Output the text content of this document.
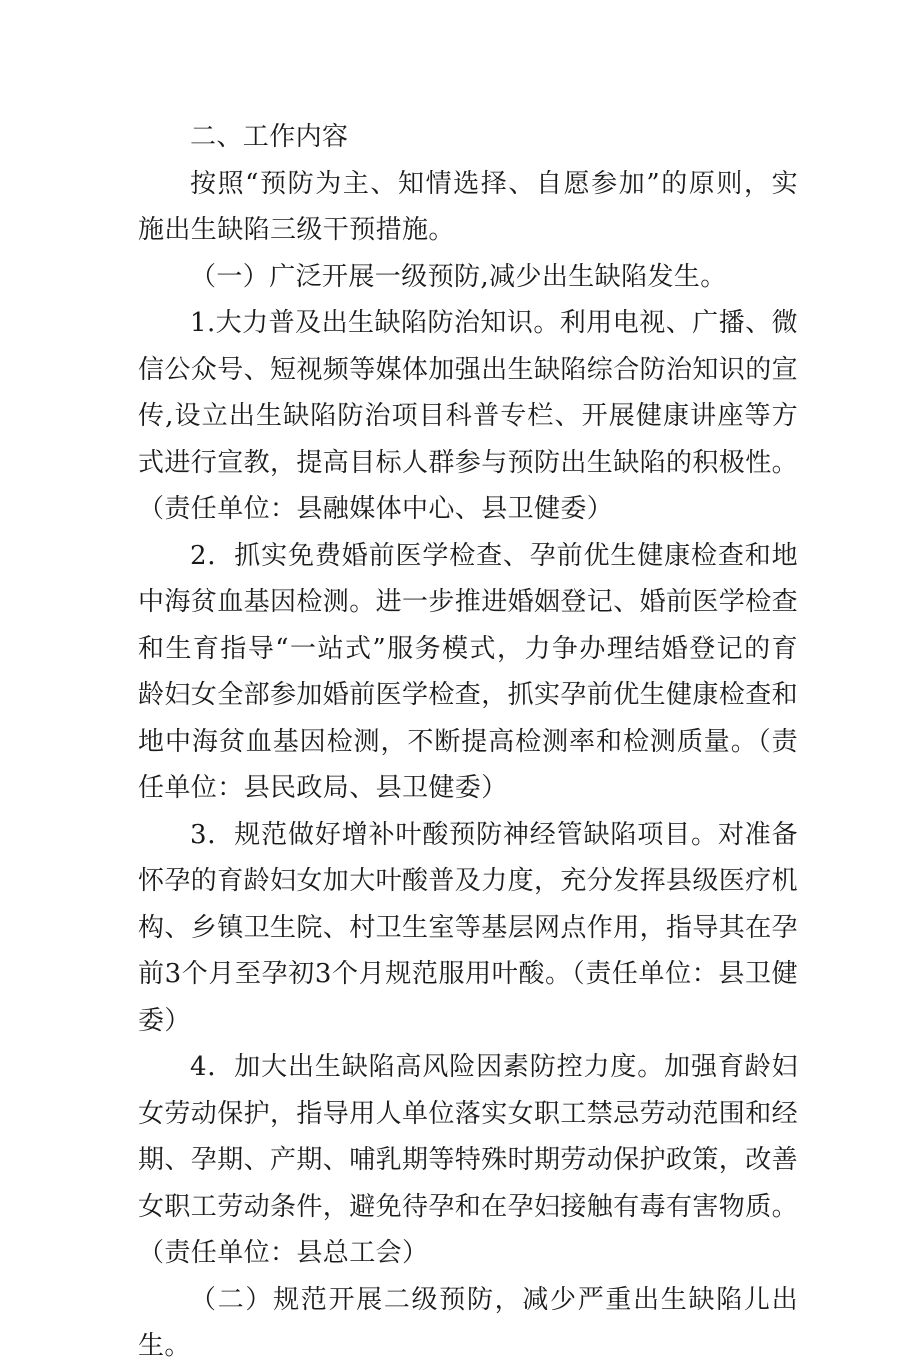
二、工作内容

按照“预防为主、知情选择、自愿参加”的原则，实施出生缺陷三级干预措施。

（一）广泛开展一级预防,减少出生缺陷发生。

1.大力普及出生缺陷防治知识。利用电视、广播、微信公众号、短视频等媒体加强出生缺陷综合防治知识的宣传,设立出生缺陷防治项目科普专栏、开展健康讲座等方式进行宣教，提高目标人群参与预防出生缺陷的积极性。（责任单位：县融媒体中心、县卫健委）

2．抓实免费婚前医学检查、孕前优生健康检查和地中海贫血基因检测。进一步推进婚姻登记、婚前医学检查和生育指导“一站式”服务模式，力争办理结婚登记的育龄妇女全部参加婚前医学检查，抓实孕前优生健康检查和地中海贫血基因检测，不断提高检测率和检测质量。（责任单位：县民政局、县卫健委）

3．规范做好增补叶酸预防神经管缺陷项目。对准备怀孕的育龄妇女加大叶酸普及力度，充分发挥县级医疗机构、乡镇卫生院、村卫生室等基层网点作用，指导其在孕前3个月至孕初3个月规范服用叶酸。（责任单位：县卫健委）

4．加大出生缺陷高风险因素防控力度。加强育龄妇女劳动保护，指导用人单位落实女职工禁忌劳动范围和经期、孕期、产期、哺乳期等特殊时期劳动保护政策，改善女职工劳动条件，避免待孕和在孕妇接触有毒有害物质。（责任单位：县总工会）

（二）规范开展二级预防，减少严重出生缺陷儿出生。
